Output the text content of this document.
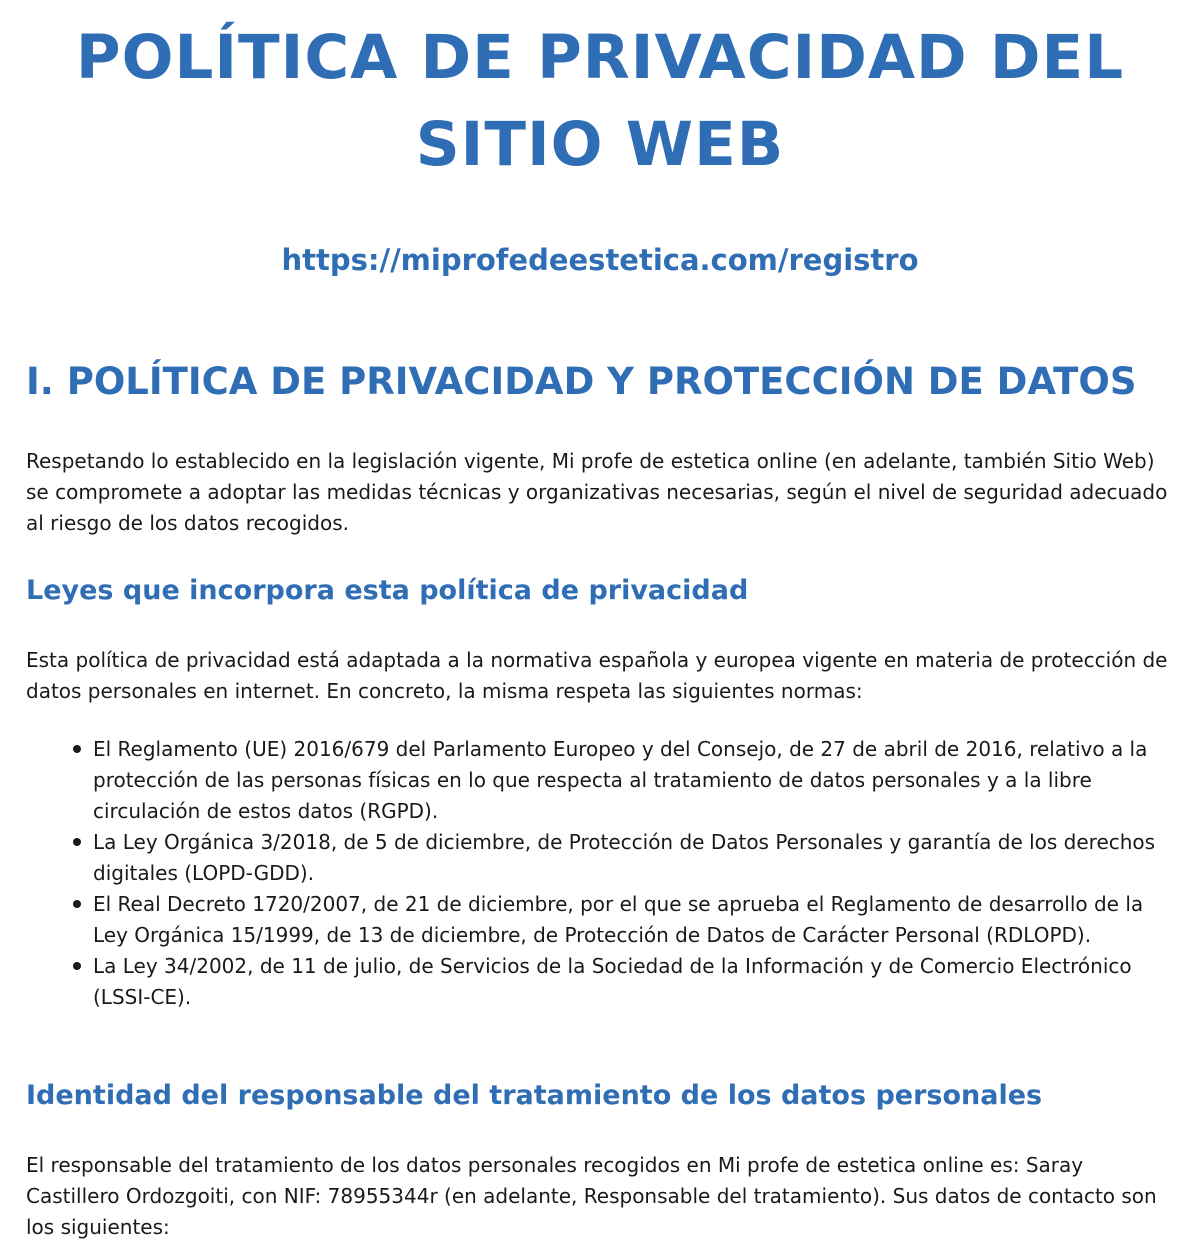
POLÍTICA DE PRIVACIDAD DEL SITIO WEB
https://miprofedeestetica.com/registro
I. POLÍTICA DE PRIVACIDAD Y PROTECCIÓN DE DATOS

Respetando lo establecido en la legislación vigente, Mi profe de estetica online (en adelante, también Sitio Web) se compromete a adoptar las medidas técnicas y organizativas necesarias, según el nivel de seguridad adecuado al riesgo de los datos recogidos.

Leyes que incorpora esta política de privacidad

Esta política de privacidad está adaptada a la normativa española y europea vigente en materia de protección de datos personales en internet. En concreto, la misma respeta las siguientes normas:

El Reglamento (UE) 2016/679 del Parlamento Europeo y del Consejo, de 27 de abril de 2016, relativo a la protección de las personas físicas en lo que respecta al tratamiento de datos personales y a la libre circulación de estos datos (RGPD).
La Ley Orgánica 3/2018, de 5 de diciembre, de Protección de Datos Personales y garantía de los derechos digitales (LOPD-GDD).
El Real Decreto 1720/2007, de 21 de diciembre, por el que se aprueba el Reglamento de desarrollo de la Ley Orgánica 15/1999, de 13 de diciembre, de Protección de Datos de Carácter Personal (RDLOPD).
La Ley 34/2002, de 11 de julio, de Servicios de la Sociedad de la Información y de Comercio Electrónico (LSSI-CE).
Identidad del responsable del tratamiento de los datos personales

El responsable del tratamiento de los datos personales recogidos en Mi profe de estetica online es: Saray Castillero Ordozgoiti, con NIF: 78955344r (en adelante, Responsable del tratamiento). Sus datos de contacto son los siguientes:
